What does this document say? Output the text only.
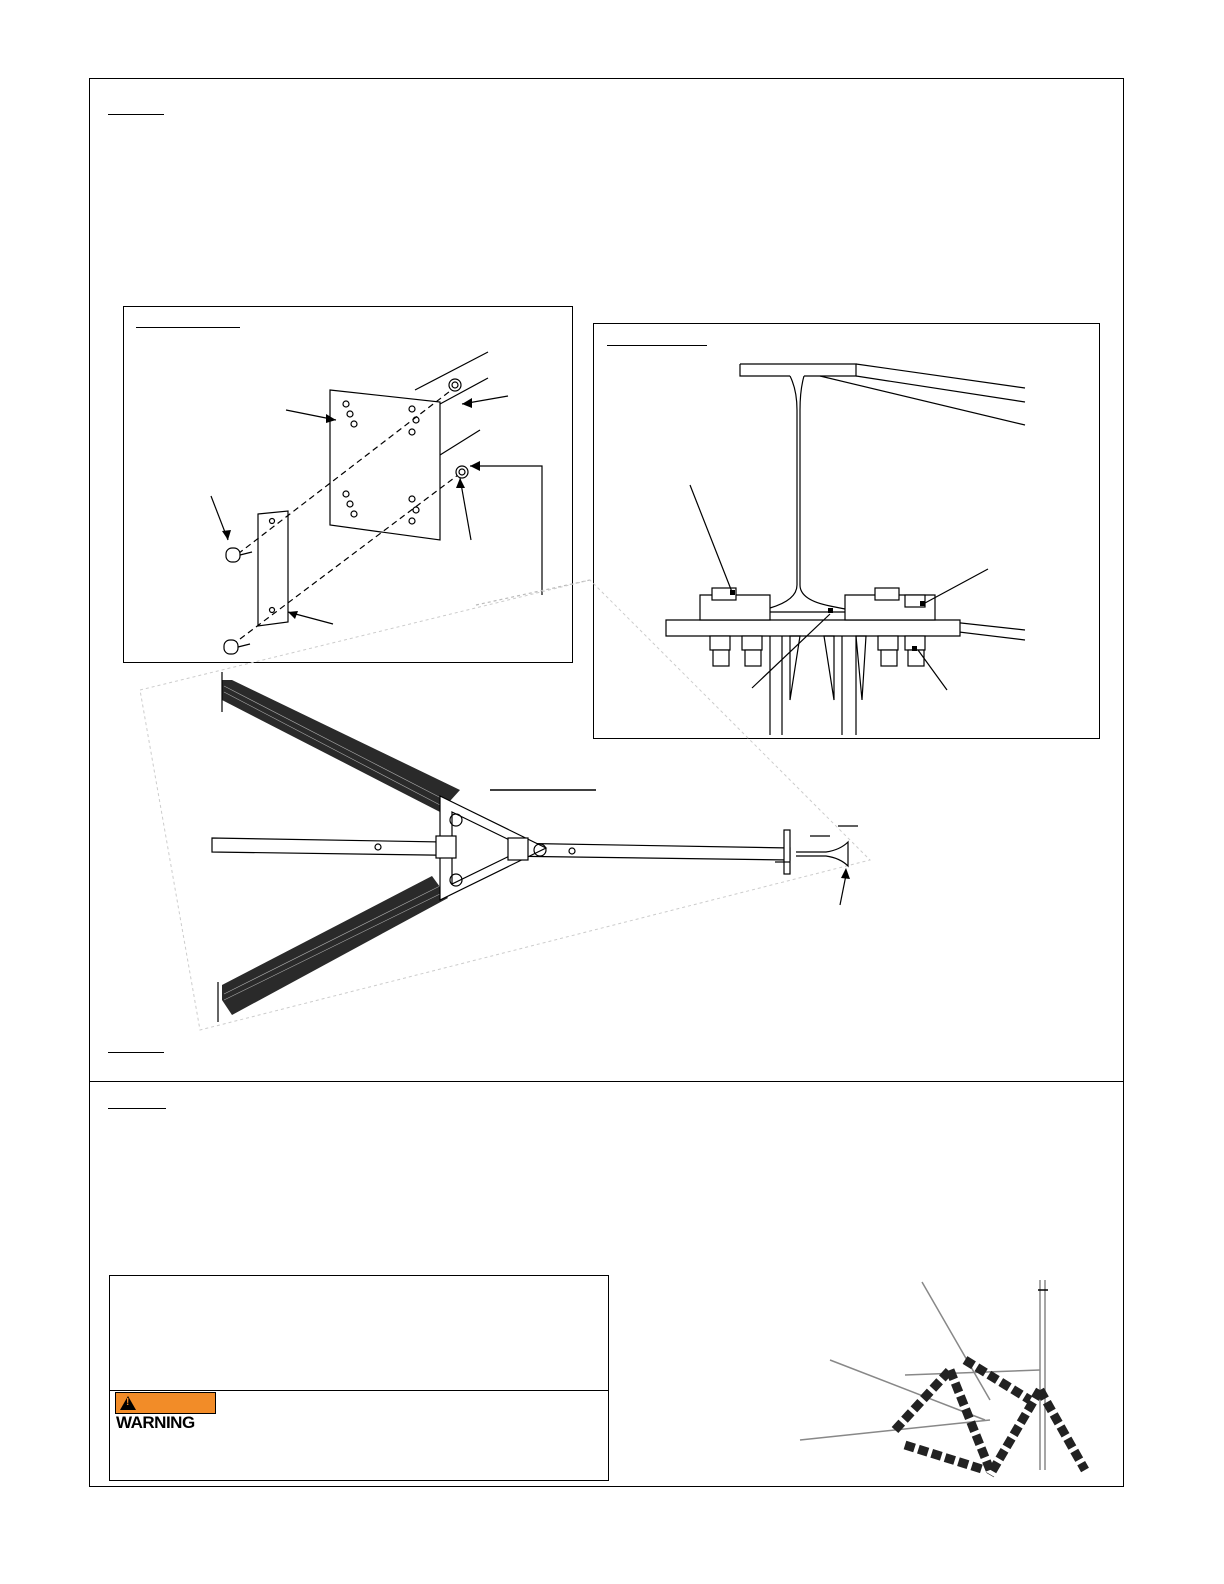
!WARNING
